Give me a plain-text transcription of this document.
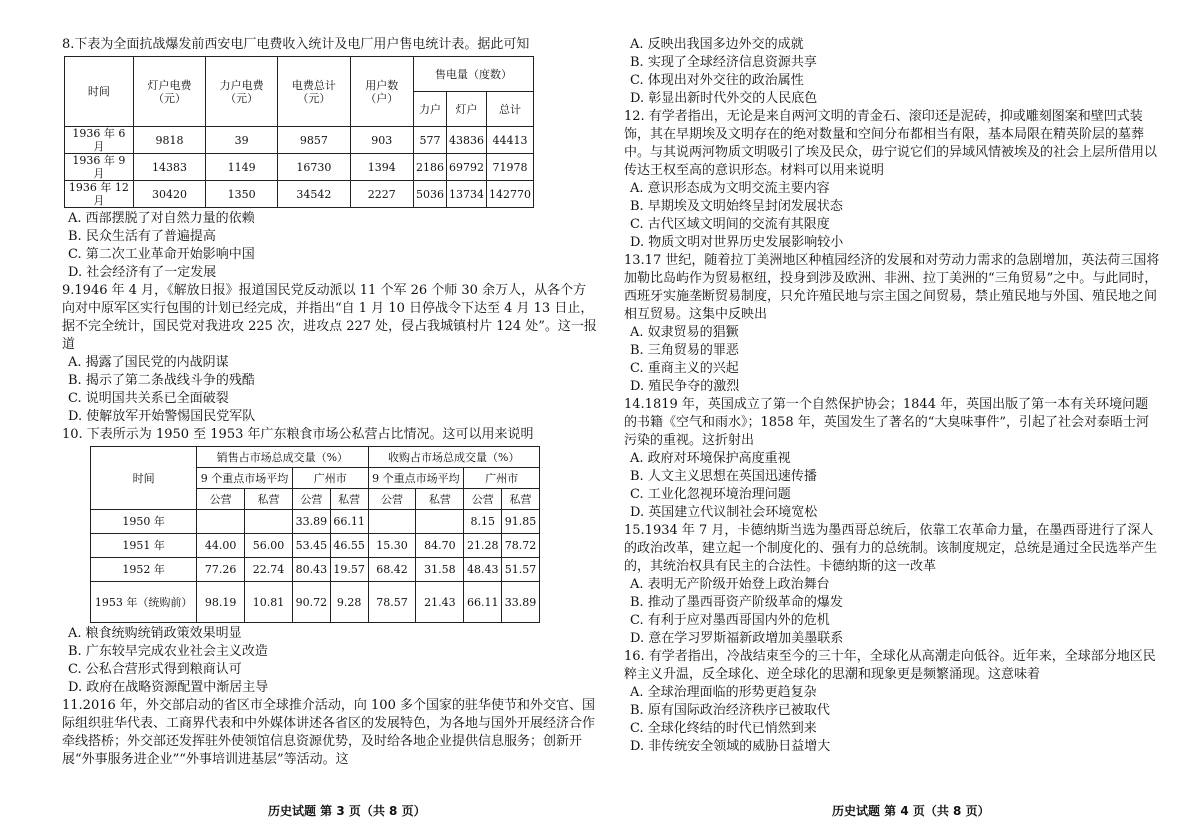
8.下表为全面抗战爆发前西安电厂电费收入统计及电厂用户售电统计表。据此可知
时间	灯户电费（元）	力户电费（元）	电费总计（元）	用户数（户）	售电量（度数）		
					力户	灯户	总计
1936 年 6 月	9818	39	9857	903	577	43836	44413
1936 年 9 月	14383	1149	16730	1394	2186	69792	71978
1936 年 12 月	30420	1350	34542	2227	5036	13734	142770
A. 西部摆脱了对自然力量的依赖
B. 民众生活有了普遍提高
C. 第二次工业革命开始影响中国
D. 社会经济有了一定发展
9.1946 年 4 月，《解放日报》报道国民党反动派以 11 个军 26 个师 30 余万人，从各个方向对中原军区实行包围的计划已经完成，并指出“自 1 月 10 日停战令下达至 4 月 13 日止，据不完全统计，国民党对我进攻 225 次，进攻点 227 处，侵占我城镇村片 124 处”。这一报道
A. 揭露了国民党的内战阴谋
B. 揭示了第二条战线斗争的残酷
C. 说明国共关系已全面破裂
D. 使解放军开始警惕国民党军队
10. 下表所示为 1950 至 1953 年广东粮食市场公私营占比情况。这可以用来说明
时间	销售占市场总成交量（%）				收购占市场总成交量（%）			
	9 个重点市场平均		广州市		9 个重点市场平均		广州市	
	公营	私营	公营	私营	公营	私营	公营	私营
1950 年			33.89	66.11			8.15	91.85
1951 年	44.00	56.00	53.45	46.55	15.30	84.70	21.28	78.72
1952 年	77.26	22.74	80.43	19.57	68.42	31.58	48.43	51.57
1953 年（统购前）	98.19	10.81	90.72	9.28	78.57	21.43	66.11	33.89
A. 粮食统购统销政策效果明显
B. 广东较早完成农业社会主义改造
C. 公私合营形式得到粮商认可
D. 政府在战略资源配置中渐居主导
11.2016 年，外交部启动的省区市全球推介活动，向 100 多个国家的驻华使节和外交官、国际组织驻华代表、工商界代表和中外媒体讲述各省区的发展特色，为各地与国外开展经济合作牵线搭桥；外交部还发挥驻外使领馆信息资源优势，及时给各地企业提供信息服务；创新开展“外事服务进企业”“外事培训进基层”等活动。这
A. 反映出我国多边外交的成就
B. 实现了全球经济信息资源共享
C. 体现出对外交往的政治属性
D. 彰显出新时代外交的人民底色
12. 有学者指出，无论是来自两河文明的青金石、滚印还是泥砖，抑或雕刻图案和壁凹式装饰，其在早期埃及文明存在的绝对数量和空间分布都相当有限，基本局限在精英阶层的墓葬中。与其说两河物质文明吸引了埃及民众，毋宁说它们的异域风情被埃及的社会上层所借用以传达王权至高的意识形态。材料可以用来说明
A. 意识形态成为文明交流主要内容
B. 早期埃及文明始终呈封闭发展状态
C. 古代区域文明间的交流有其限度
D. 物质文明对世界历史发展影响较小
13.17 世纪，随着拉丁美洲地区种植园经济的发展和对劳动力需求的急剧增加，英法荷三国将加勒比岛屿作为贸易枢纽，投身到涉及欧洲、非洲、拉丁美洲的“三角贸易”之中。与此同时，西班牙实施垄断贸易制度，只允许殖民地与宗主国之间贸易，禁止殖民地与外国、殖民地之间相互贸易。这集中反映出
A. 奴隶贸易的猖獗
B. 三角贸易的罪恶
C. 重商主义的兴起
D. 殖民争夺的激烈
14.1819 年，英国成立了第一个自然保护协会；1844 年，英国出版了第一本有关环境问题的书籍《空气和雨水》；1858 年，英国发生了著名的“大臭味事件”，引起了社会对泰晤士河污染的重视。这折射出
A. 政府对环境保护高度重视
B. 人文主义思想在英国迅速传播
C. 工业化忽视环境治理问题
D. 英国建立代议制社会环境宽松
15.1934 年 7 月，卡德纳斯当选为墨西哥总统后，依靠工农革命力量，在墨西哥进行了深人的政治改革，建立起一个制度化的、强有力的总统制。该制度规定，总统是通过全民选举产生的，其统治权具有民主的合法性。卡德纳斯的这一改革
A. 表明无产阶级开始登上政治舞台
B. 推动了墨西哥资产阶级革命的爆发
C. 有利于应对墨西哥国内外的危机
D. 意在学习罗斯福新政增加美墨联系
16. 有学者指出，冷战结束至今的三十年，全球化从高潮走向低谷。近年来，全球部分地区民粹主义升温，反全球化、逆全球化的思潮和现象更是频繁涌现。这意味着
A. 全球治理面临的形势更趋复杂
B. 原有国际政治经济秩序已被取代
C. 全球化终结的时代已悄然到来
D. 非传统安全领域的威胁日益增大
历史试题 第 3 页（共 8 页）	历史试题 第 4 页（共 8 页）
